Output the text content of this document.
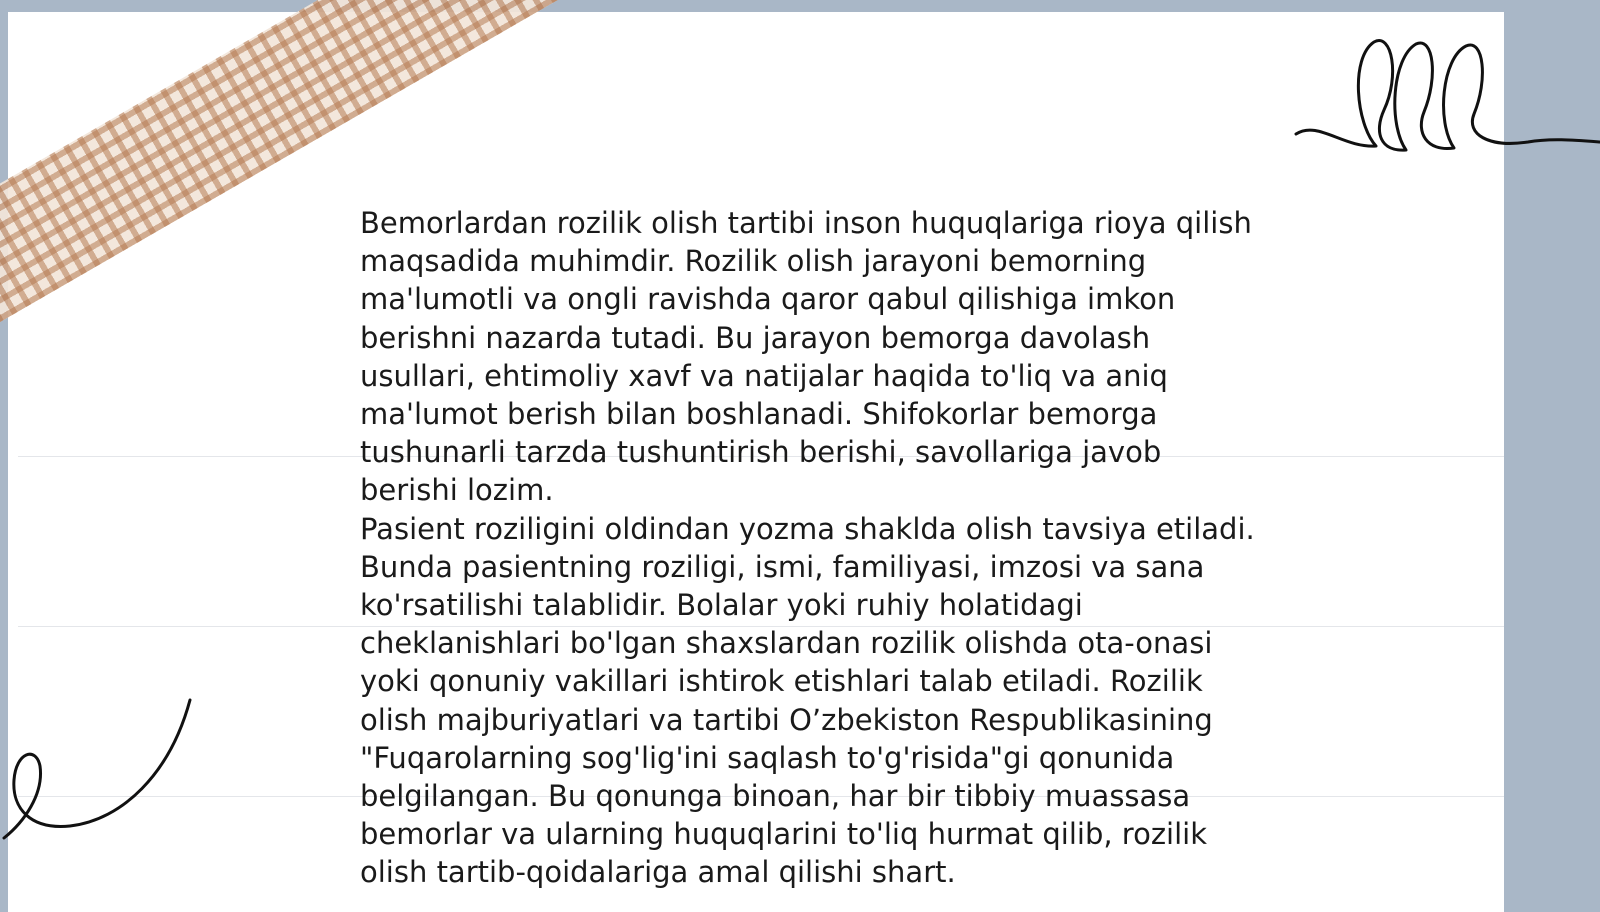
Bemorlardan rozilik olish tartibi inson huquqlariga rioya qilish maqsadida muhimdir. Rozilik olish jarayoni bemorning ma'lumotli va ongli ravishda qaror qabul qilishiga imkon berishni nazarda tutadi. Bu jarayon bemorga davolash usullari, ehtimoliy xavf va natijalar haqida to'liq va aniq ma'lumot berish bilan boshlanadi. Shifokorlar bemorga tushunarli tarzda tushuntirish berishi, savollariga javob berishi lozim.

Pasient roziligini oldindan yozma shaklda olish tavsiya etiladi. Bunda pasientning roziligi, ismi, familiyasi, imzosi va sana ko'rsatilishi talablidir. Bolalar yoki ruhiy holatidagi cheklanishlari bo'lgan shaxslardan rozilik olishda ota-onasi yoki qonuniy vakillari ishtirok etishlari talab etiladi. Rozilik olish majburiyatlari va tartibi O’zbekiston Respublikasining "Fuqarolarning sog'lig'ini saqlash to'g'risida"gi qonunida belgilangan. Bu qonunga binoan, har bir tibbiy muassasa bemorlar va ularning huquqlarini to'liq hurmat qilib, rozilik olish tartib-qoidalariga amal qilishi shart.
